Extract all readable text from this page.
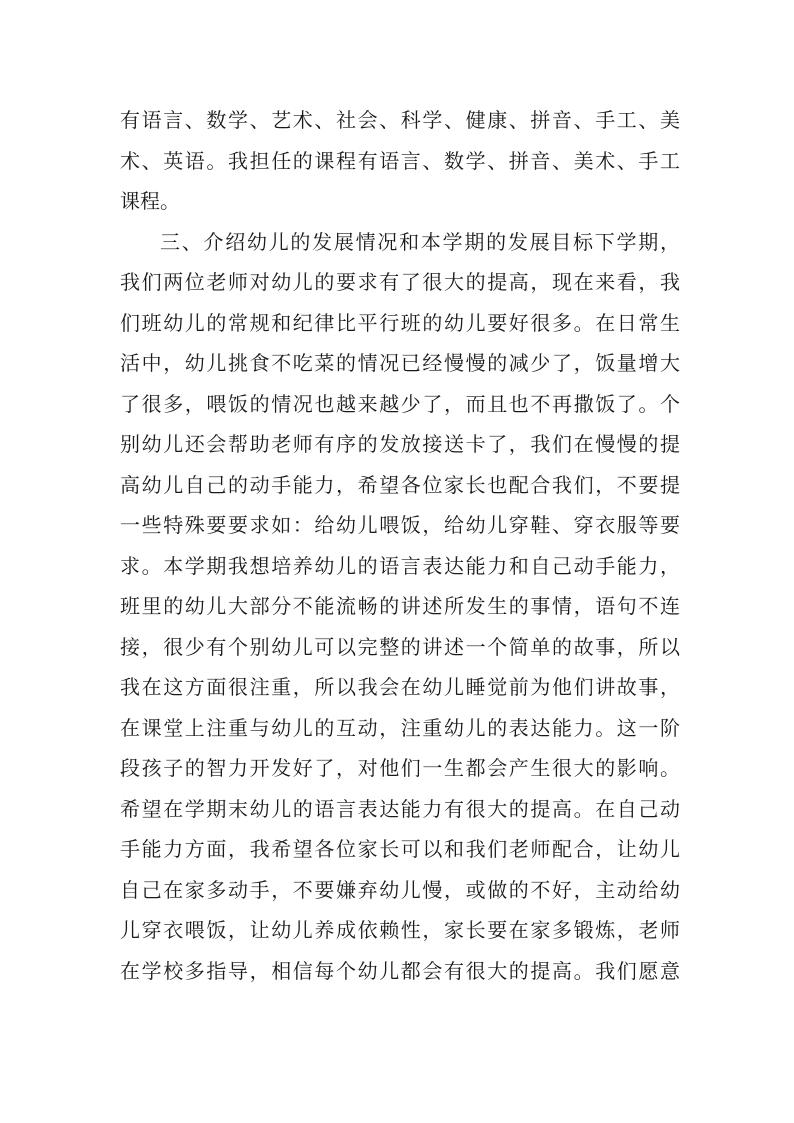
有语言、数学、艺术、社会、科学、健康、拼音、手工、美
术、英语。我担任的课程有语言、数学、拼音、美术、手工
课程。
三、介绍幼儿的发展情况和本学期的发展目标下学期，
我们两位老师对幼儿的要求有了很大的提高，现在来看，我
们班幼儿的常规和纪律比平行班的幼儿要好很多。在日常生
活中，幼儿挑食不吃菜的情况已经慢慢的减少了，饭量增大
了很多，喂饭的情况也越来越少了，而且也不再撒饭了。个
别幼儿还会帮助老师有序的发放接送卡了，我们在慢慢的提
高幼儿自己的动手能力，希望各位家长也配合我们，不要提
一些特殊要要求如：给幼儿喂饭，给幼儿穿鞋、穿衣服等要
求。本学期我想培养幼儿的语言表达能力和自己动手能力，
班里的幼儿大部分不能流畅的讲述所发生的事情，语句不连
接，很少有个别幼儿可以完整的讲述一个简单的故事，所以
我在这方面很注重，所以我会在幼儿睡觉前为他们讲故事，
在课堂上注重与幼儿的互动，注重幼儿的表达能力。这一阶
段孩子的智力开发好了，对他们一生都会产生很大的影响。
希望在学期末幼儿的语言表达能力有很大的提高。在自己动
手能力方面，我希望各位家长可以和我们老师配合，让幼儿
自己在家多动手，不要嫌弃幼儿慢，或做的不好，主动给幼
儿穿衣喂饭，让幼儿养成依赖性，家长要在家多锻炼，老师
在学校多指导，相信每个幼儿都会有很大的提高。我们愿意
